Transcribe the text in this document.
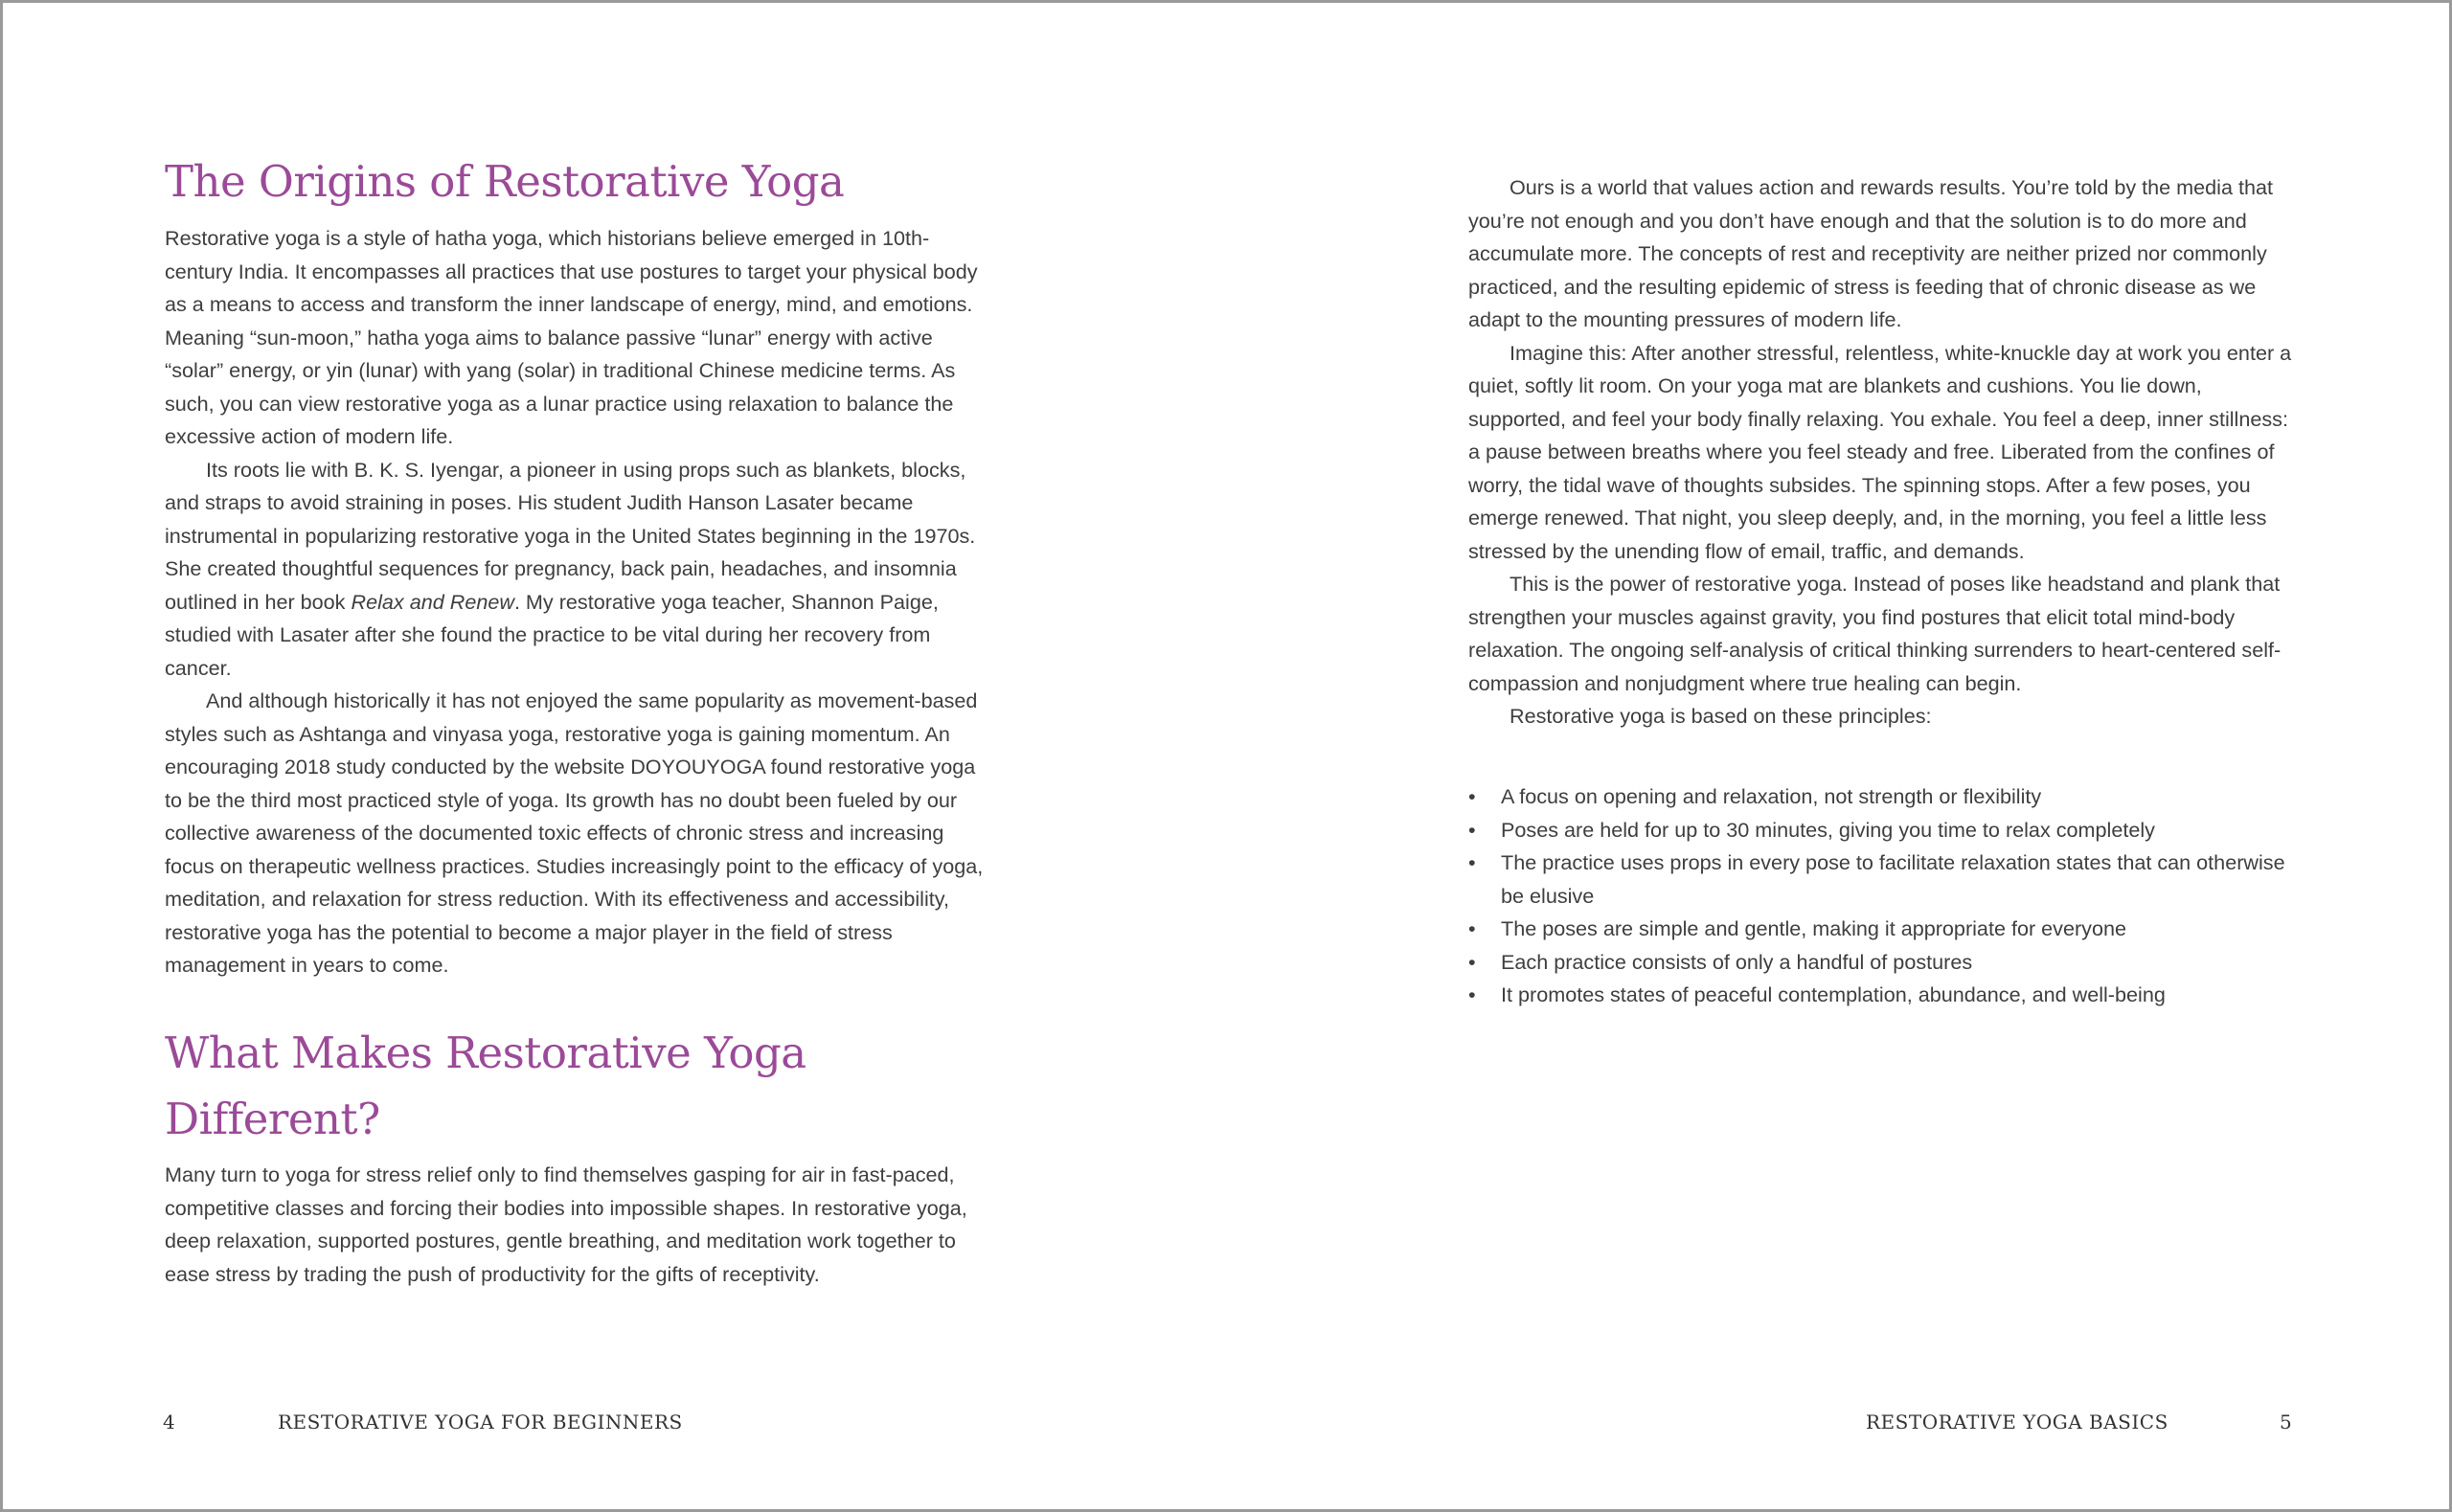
The Origins of Restorative Yoga

Restorative yoga is a style of hatha yoga, which historians believe emerged in 10th-century India. It encompasses all practices that use postures to target your physical body as a means to access and transform the inner landscape of energy, mind, and emotions. Meaning “sun-moon,” hatha yoga aims to balance passive “lunar” energy with active “solar” energy, or yin (lunar) with yang (solar) in traditional Chinese medicine terms. As such, you can view restorative yoga as a lunar practice using relaxation to balance the excessive action of modern life.

Its roots lie with B. K. S. Iyengar, a pioneer in using props such as blankets, blocks, and straps to avoid straining in poses. His student Judith Hanson Lasater became instrumental in popularizing restorative yoga in the United States beginning in the 1970s. She created thoughtful sequences for pregnancy, back pain, headaches, and insomnia outlined in her book Relax and Renew. My restorative yoga teacher, Shannon Paige, studied with Lasater after she found the practice to be vital during her recovery from cancer.

And although historically it has not enjoyed the same popularity as movement-based styles such as Ashtanga and vinyasa yoga, restorative yoga is gaining momentum. An encouraging 2018 study conducted by the website DOYOUYOGA found restorative yoga to be the third most practiced style of yoga. Its growth has no doubt been fueled by our collective awareness of the documented toxic effects of chronic stress and increasing focus on therapeutic wellness practices. Studies increasingly point to the efficacy of yoga, meditation, and relaxation for stress reduction. With its effectiveness and accessibility, restorative yoga has the potential to become a major player in the field of stress management in years to come.

What Makes Restorative Yoga
Different?

Many turn to yoga for stress relief only to find themselves gasping for air in fast-paced, competitive classes and forcing their bodies into impossible shapes. In restorative yoga, deep relaxation, supported postures, gentle breathing, and meditation work together to ease stress by trading the push of productivity for the gifts of receptivity.

4	RESTORATIVE YOGA FOR BEGINNERS

Ours is a world that values action and rewards results. You’re told by the media that you’re not enough and you don’t have enough and that the solution is to do more and accumulate more. The concepts of rest and receptivity are neither prized nor commonly practiced, and the resulting epidemic of stress is feeding that of chronic disease as we adapt to the mounting pressures of modern life.

Imagine this: After another stressful, relentless, white-knuckle day at work you enter a quiet, softly lit room. On your yoga mat are blankets and cushions. You lie down, supported, and feel your body finally relaxing. You exhale. You feel a deep, inner stillness: a pause between breaths where you feel steady and free. Liberated from the confines of worry, the tidal wave of thoughts subsides. The spinning stops. After a few poses, you emerge renewed. That night, you sleep deeply, and, in the morning, you feel a little less stressed by the unending flow of email, traffic, and demands.

This is the power of restorative yoga. Instead of poses like headstand and plank that strengthen your muscles against gravity, you find postures that elicit total mind-body relaxation. The ongoing self-analysis of critical thinking surrenders to heart-centered self-compassion and nonjudgment where true healing can begin.

Restorative yoga is based on these principles:

• A focus on opening and relaxation, not strength or flexibility
• Poses are held for up to 30 minutes, giving you time to relax completely
• The practice uses props in every pose to facilitate relaxation states that can otherwise be elusive
• The poses are simple and gentle, making it appropriate for everyone
• Each practice consists of only a handful of postures
• It promotes states of peaceful contemplation, abundance, and well-being
RESTORATIVE YOGA BASICS	5
